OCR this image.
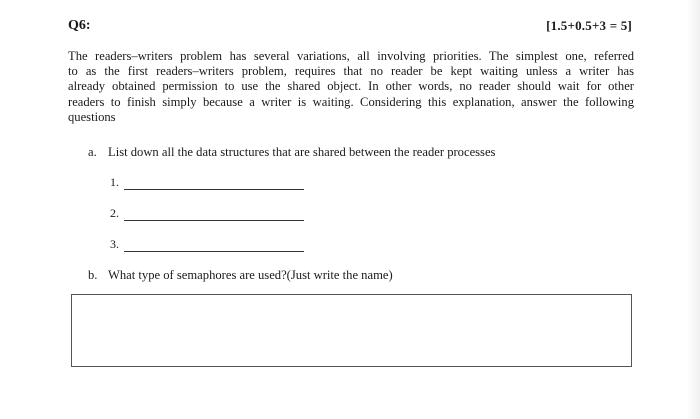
Q6:	[1.5+0.5+3 = 5]
The readers–writers problem has several variations, all involving priorities. The simplest one, referred
to as the first readers–writers problem, requires that no reader be kept waiting unless a writer has
already obtained permission to use the shared object. In other words, no reader should wait for other
readers to finish simply because a writer is waiting. Considering this explanation, answer the following
questions
a. List down all the data structures that are shared between the reader processes
1.
2.
3.
b. What type of semaphores are used?(Just write the name)
